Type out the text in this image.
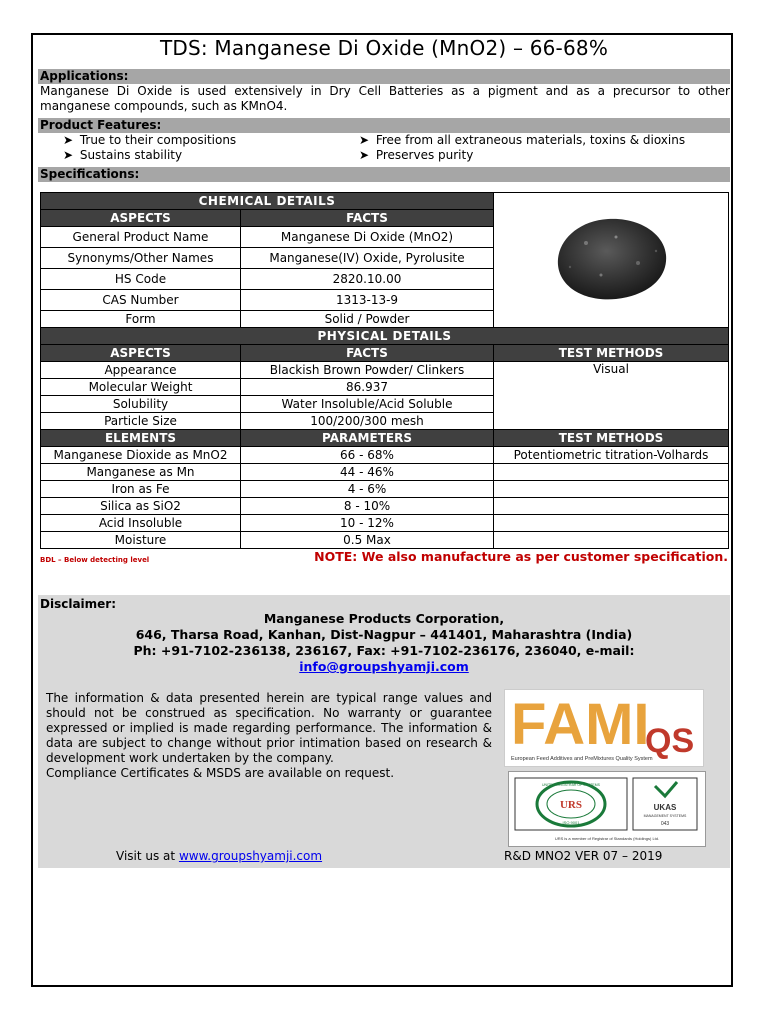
TDS: Manganese Di Oxide (MnO2) – 66-68%
Applications:
Manganese Di Oxide is used extensively in Dry Cell Batteries as a pigment and as a precursor to other manganese compounds, such as KMnO4.
Product Features:
➤ True to their compositions	➤ Free from all extraneous materials, toxins & dioxins
➤ Sustains stability	➤ Preserves purity
Specifications:
CHEMICAL DETAILS	
ASPECTS	FACTS	
General Product Name	Manganese Di Oxide (MnO2)	
Synonyms/Other Names	Manganese(IV) Oxide, Pyrolusite	
HS Code	2820.10.00	
CAS Number	1313-13-9	
Form	Solid / Powder	
PHYSICAL DETAILS		
ASPECTS	FACTS	TEST METHODS
Appearance	Blackish Brown Powder/ Clinkers	Visual
Molecular Weight	86.937	
Solubility	Water Insoluble/Acid Soluble	
Particle Size	100/200/300 mesh	
ELEMENTS	PARAMETERS	TEST METHODS
Manganese Dioxide as MnO2	66 - 68%	Potentiometric titration-Volhards
Manganese as Mn	44 - 46%	
Iron as Fe	4 - 6%	
Silica as SiO2	8 - 10%	
Acid Insoluble	10 - 12%	
Moisture	0.5 Max	
BDL – Below detecting level	NOTE: We also manufacture as per customer specification.
Disclaimer:
Manganese Products Corporation,
646, Tharsa Road, Kanhan, Dist-Nagpur – 441401, Maharashtra (India)
Ph: +91-7102-236138, 236167, Fax: +91-7102-236176, 236040, e-mail:
info@groupshyamji.com
The information & data presented herein are typical range values and should not be construed as specification. No warranty or guarantee expressed or implied is made regarding performance. The information & data are subject to change without prior intimation based on research & development work undertaken by the company.
Compliance Certificates & MSDS are available on request.
FAMI
QS
European Feed Additives and PreMixtures Quality System
URS
UNITED REGISTRAR OF SYSTEMS
ISO 9001
UKAS
MANAGEMENT SYSTEMS
043
URS is a member of Registrar of Standards (Holdings) Ltd.
Visit us at www.groupshyamji.com	R&D MNO2 VER 07 – 2019
